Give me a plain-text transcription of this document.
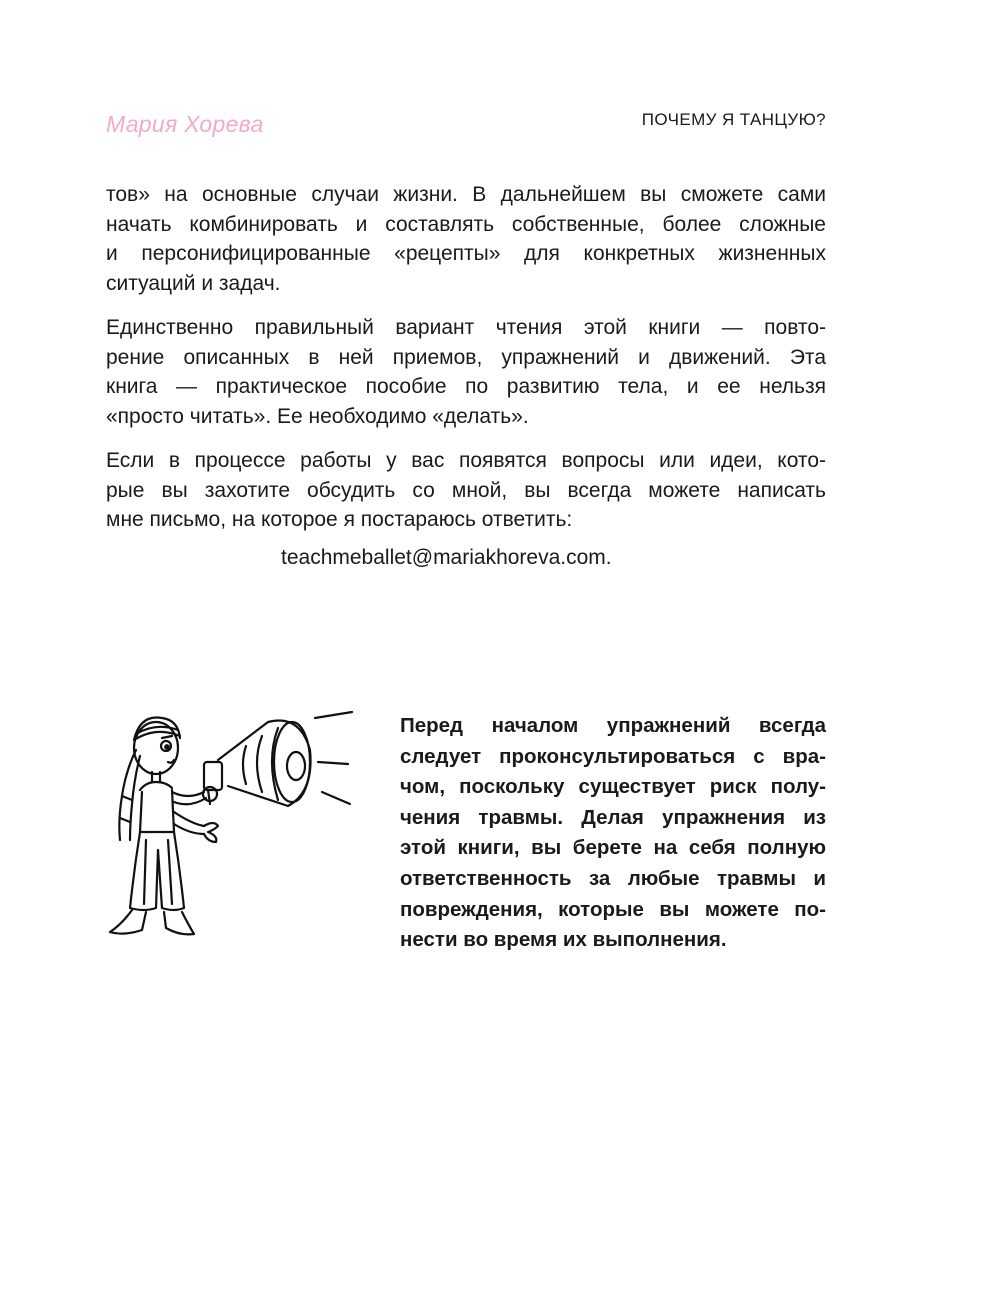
Мария Хорева	ПОЧЕМУ Я ТАНЦУЮ?
тов» на основные случаи жизни. В дальнейшем вы сможете сами
начать комбинировать и составлять собственные, более сложные
и персонифицированные «рецепты» для конкретных жизненных
ситуаций и задач.
Единственно правильный вариант чтения этой книги — повто-
рение описанных в ней приемов, упражнений и движений. Эта
книга — практическое пособие по развитию тела, и ее нельзя
«просто читать». Ее необходимо «делать».
Если в процессе работы у вас появятся вопросы или идеи, кото-
рые вы захотите обсудить со мной, вы всегда можете написать
мне письмо, на которое я постараюсь ответить:
teachmeballet@mariakhoreva.com.
Перед началом упражнений всегда
следует проконсультироваться с вра-
чом, поскольку существует риск полу-
чения травмы. Делая упражнения из
этой книги, вы берете на себя полную
ответственность за любые травмы и
повреждения, которые вы можете по-
нести во время их выполнения.
